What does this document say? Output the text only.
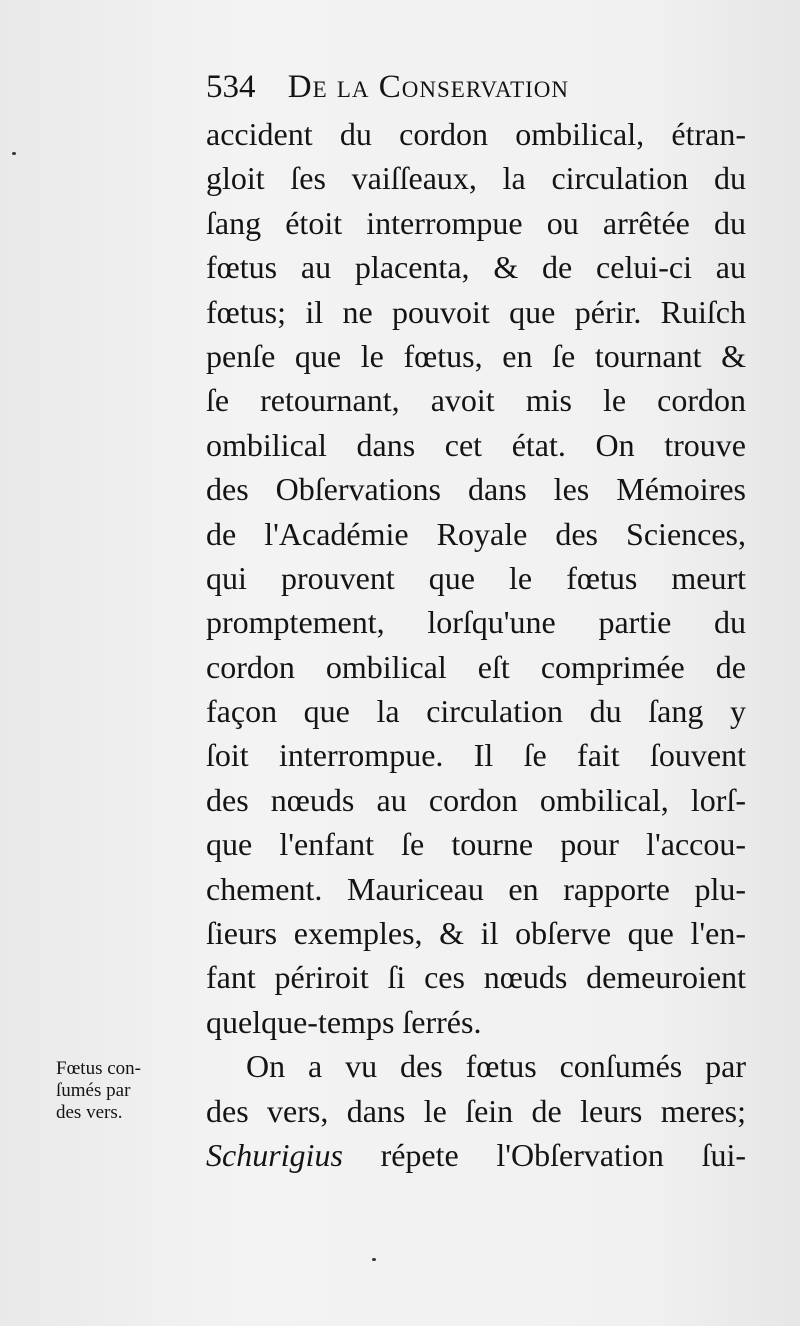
534 De la Conservation
accident du cordon ombilical, étran-
gloit ſes vaiſſeaux, la circulation du
ſang étoit interrompue ou arrêtée du
fœtus au placenta, & de celui-ci au
fœtus; il ne pouvoit que périr. Ruiſch
penſe que le fœtus, en ſe tournant &
ſe retournant, avoit mis le cordon
ombilical dans cet état. On trouve
des Obſervations dans les Mémoires
de l'Académie Royale des Sciences,
qui prouvent que le fœtus meurt
promptement, lorſqu'une partie du
cordon ombilical eſt comprimée de
façon que la circulation du ſang y
ſoit interrompue. Il ſe fait ſouvent
des nœuds au cordon ombilical, lorſ-
que l'enfant ſe tourne pour l'accou-
chement. Mauriceau en rapporte plu-
ſieurs exemples, & il obſerve que l'en-
fant périroit ſi ces nœuds demeuroient
quelque-temps ſerrés.
On a vu des fœtus conſumés par
des vers, dans le ſein de leurs meres;
Schurigius répete l'Obſervation ſui-
Fœtus con-
ſumés par
des vers.
